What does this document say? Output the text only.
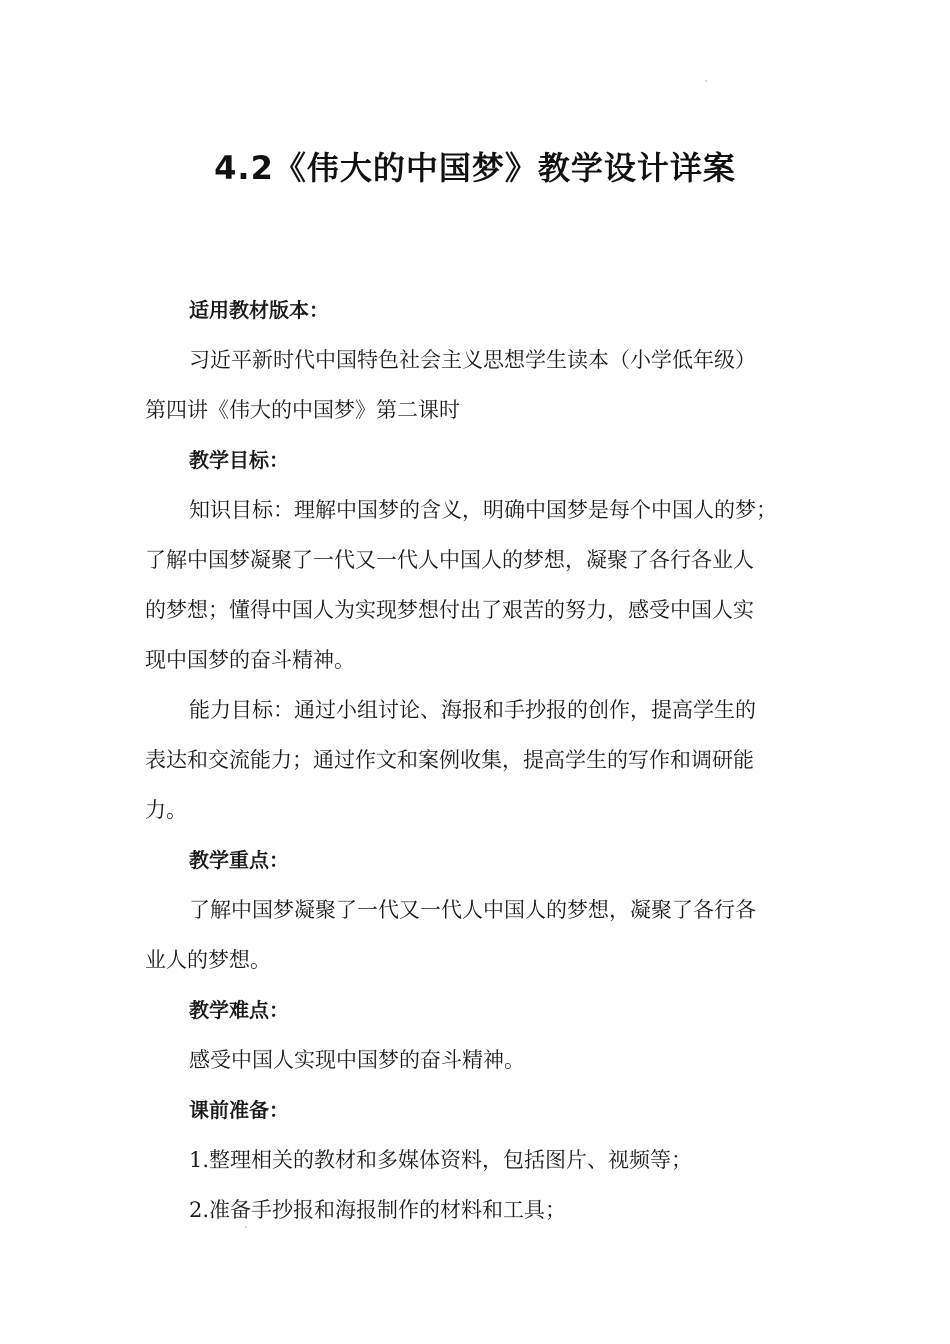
4.2《伟大的中国梦》教学设计详案
适用教材版本：
习近平新时代中国特色社会主义思想学生读本（小学低年级）
第四讲《伟大的中国梦》第二课时
教学目标：
知识目标：理解中国梦的含义，明确中国梦是每个中国人的梦；
了解中国梦凝聚了一代又一代人中国人的梦想，凝聚了各行各业人
的梦想；懂得中国人为实现梦想付出了艰苦的努力，感受中国人实
现中国梦的奋斗精神。
能力目标：通过小组讨论、海报和手抄报的创作，提高学生的
表达和交流能力；通过作文和案例收集，提高学生的写作和调研能
力。
教学重点：
了解中国梦凝聚了一代又一代人中国人的梦想，凝聚了各行各
业人的梦想。
教学难点：
感受中国人实现中国梦的奋斗精神。
课前准备：
1.整理相关的教材和多媒体资料，包括图片、视频等；
2.准备手抄报和海报制作的材料和工具；
